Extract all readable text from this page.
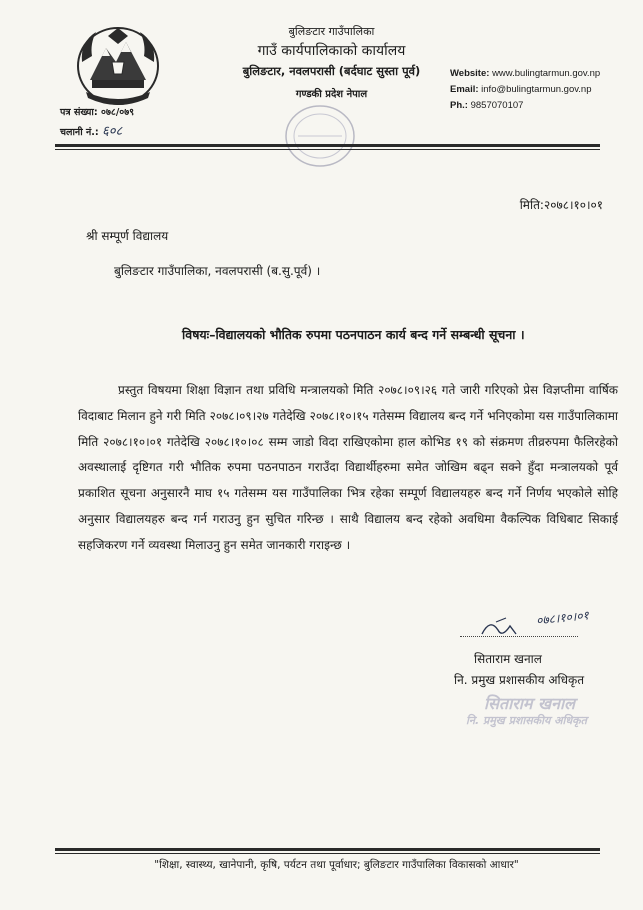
बुलिङटार गाउँपालिका
गाउँ कार्यपालिकाको कार्यालय
बुलिङटार, नवलपरासी (बर्दघाट सुस्ता पूर्व)
गण्डकी प्रदेश नेपाल
Website: www.bulingtarmun.gov.np
Email: info@bulingtarmun.gov.np
Ph.: 9857070107
पत्र संख्या: ०७८/०७९
चलानी नं.: ६०८
मिति:२०७८।१०।०१
श्री सम्पूर्ण विद्यालय
बुलिङटार गाउँपालिका, नवलपरासी (ब.सु.पूर्व) ।
विषयः–विद्यालयको भौतिक रुपमा पठनपाठन कार्य बन्द गर्ने सम्बन्धी सूचना ।
प्रस्तुत विषयमा शिक्षा विज्ञान तथा प्रविधि मन्त्रालयको मिति २०७८।०९।२६ गते जारी गरिएको प्रेस विज्ञप्तीमा वार्षिक विदाबाट मिलान हुने गरी मिति २०७८।०९।२७ गतेदेखि २०७८।१०।१५ गतेसम्म विद्यालय बन्द गर्ने भनिएकोमा यस गाउँपालिकामा मिति २०७८।१०।०१ गतेदेखि २०७८।१०।०८ सम्म जाडो विदा राखिएकोमा हाल कोभिड १९ को संक्रमण तीव्ररुपमा फैलिरहेको अवस्थालाई दृष्टिगत गरी भौतिक रुपमा पठनपाठन गराउँदा विद्यार्थीहरुमा समेत जोखिम बढ्न सक्ने हुँदा मन्त्रालयको पूर्व प्रकाशित सूचना अनुसारनै माघ १५ गतेसम्म यस गाउँपालिका भित्र रहेका सम्पूर्ण विद्यालयहरु बन्द गर्ने निर्णय भएकोले सोहि अनुसार विद्यालयहरु बन्द गर्न गराउनु हुन सुचित गरिन्छ । साथै विद्यालय बन्द रहेको अवधिमा वैकल्पिक विधिबाट सिकाई सहजिकरण गर्ने व्यवस्था मिलाउनु हुन समेत जानकारी गराइन्छ ।
०७८।१०।०१
सिताराम खनाल
नि. प्रमुख प्रशासकीय अधिकृत
सिताराम खनाल
नि. प्रमुख प्रशासकीय अधिकृत
"शिक्षा, स्वास्थ्य, खानेपानी, कृषि, पर्यटन तथा पूर्वाधार; बुलिङटार गाउँपालिका विकासको आधार"
